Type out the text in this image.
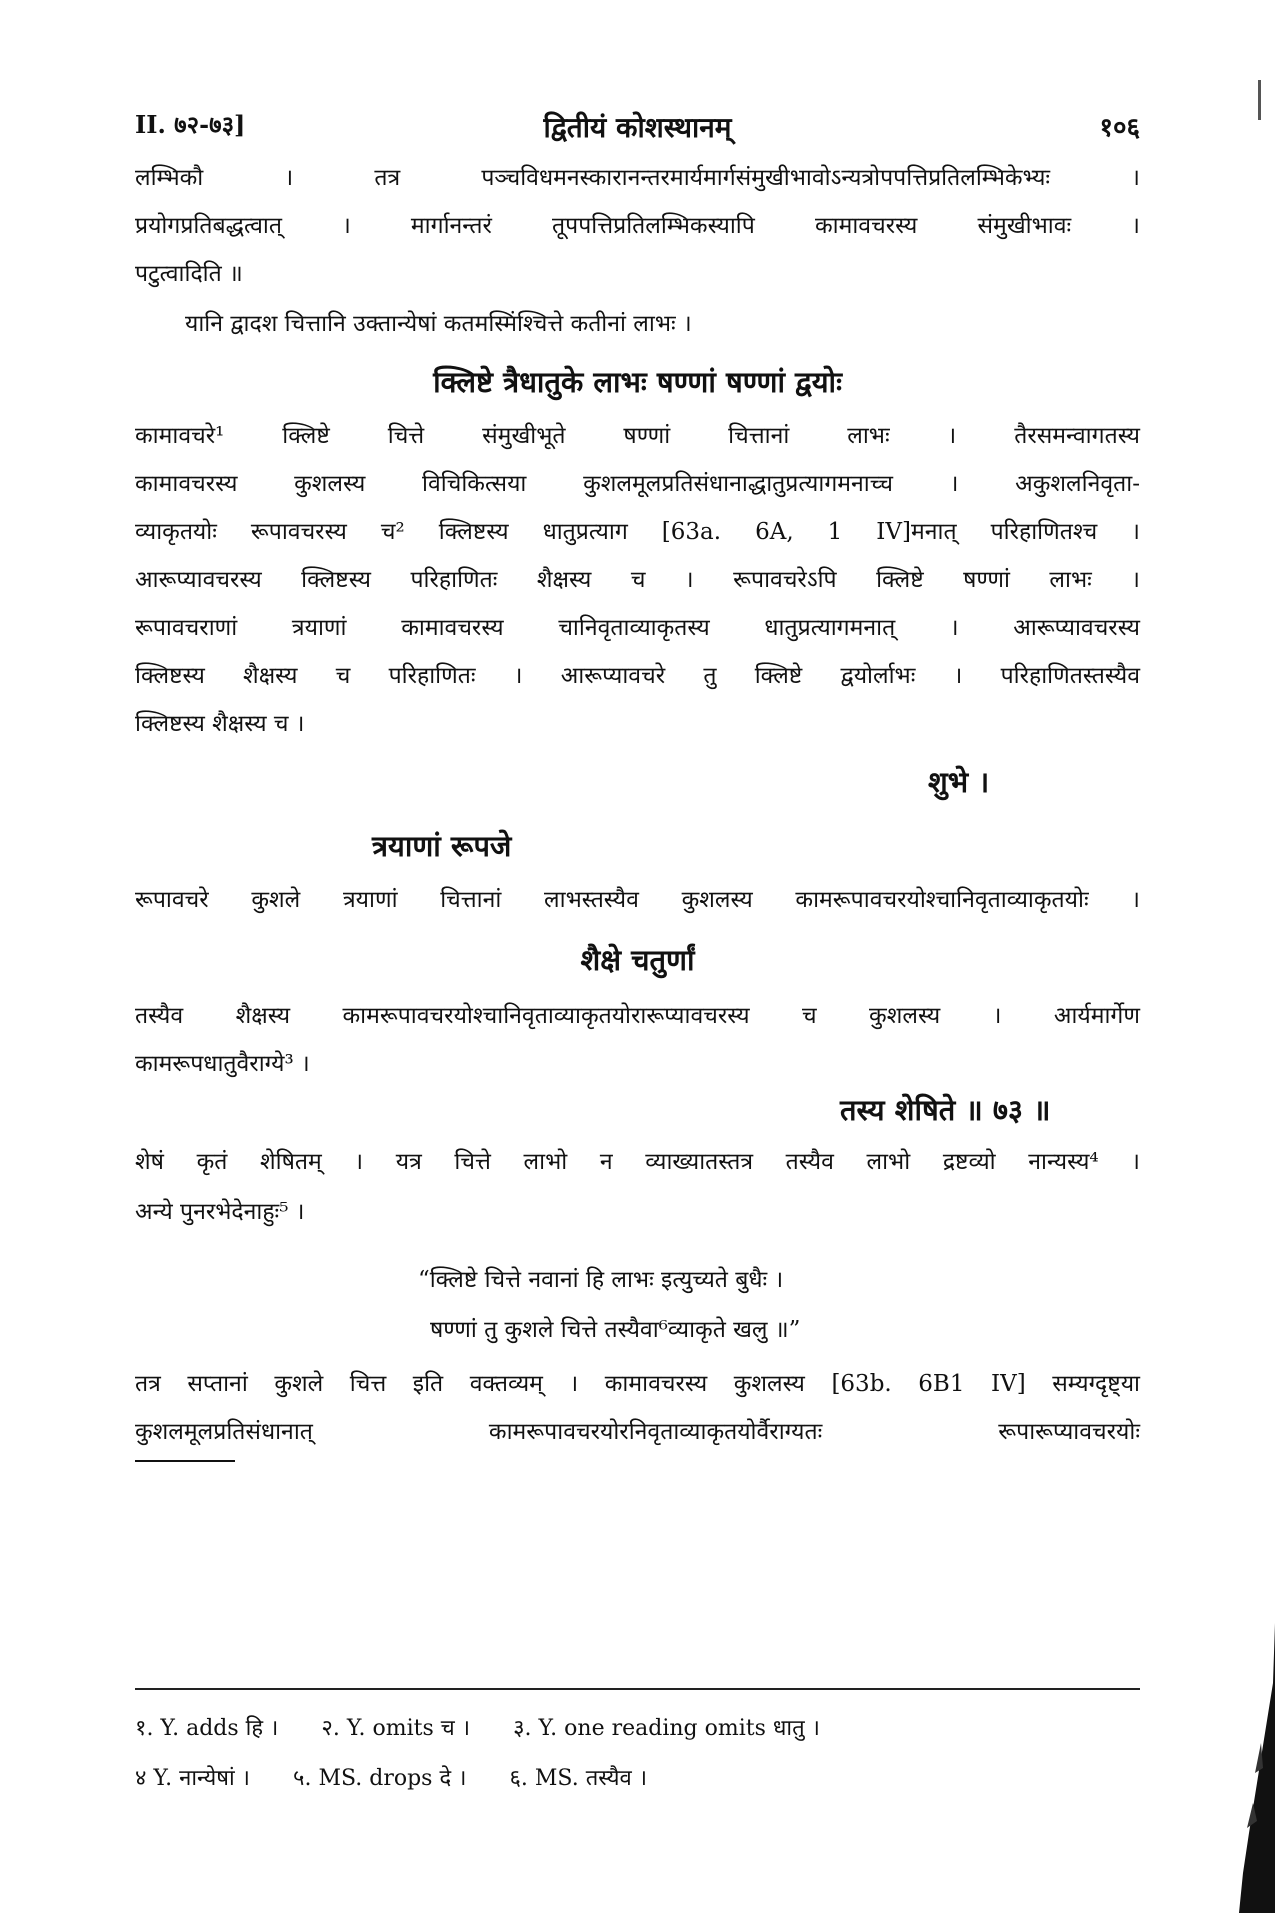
II. ७२-७३]	द्वितीयं कोशस्थानम्	१०६
लम्भिकौ । तत्र पञ्चविधमनस्कारानन्तरमार्यमार्गसंमुखीभावोऽन्यत्रोपपत्तिप्रतिलम्भिकेभ्यः ।
प्रयोगप्रतिबद्धत्वात् । मार्गानन्तरं तूपपत्तिप्रतिलम्भिकस्यापि कामावचरस्य संमुखीभावः ।
पटुत्वादिति ॥
यानि द्वादश चित्तानि उक्तान्येषां कतमस्मिंश्चित्ते कतीनां लाभः ।
क्लिष्टे त्रैधातुके लाभः षण्णां षण्णां द्वयोः
कामावचरे¹ क्लिष्टे चित्ते संमुखीभूते षण्णां चित्तानां लाभः । तैरसमन्वागतस्य
कामावचरस्य कुशलस्य विचिकित्सया कुशलमूलप्रतिसंधानाद्धातुप्रत्यागमनाच्च । अकुशलनिवृता-
व्याकृतयोः रूपावचरस्य च² क्लिष्टस्य धातुप्रत्याग [63a. 6A, 1 IV]मनात् परिहाणितश्च ।
आरूप्यावचरस्य क्लिष्टस्य परिहाणितः शैक्षस्य च । रूपावचरेऽपि क्लिष्टे षण्णां लाभः ।
रूपावचराणां त्रयाणां कामावचरस्य चानिवृताव्याकृतस्य धातुप्रत्यागमनात् । आरूप्यावचरस्य
क्लिष्टस्य शैक्षस्य च परिहाणितः । आरूप्यावचरे तु क्लिष्टे द्वयोर्लाभः । परिहाणितस्तस्यैव
क्लिष्टस्य शैक्षस्य च ।
शुभे ।
त्रयाणां रूपजे
रूपावचरे कुशले त्रयाणां चित्तानां लाभस्तस्यैव कुशलस्य कामरूपावचरयोश्चानिवृताव्याकृतयोः ।
शैक्षे चतुर्णां
तस्यैव शैक्षस्य कामरूपावचरयोश्चानिवृताव्याकृतयोरारूप्यावचरस्य च कुशलस्य । आर्यमार्गेण
कामरूपधातुवैराग्ये³ ।
तस्य शेषिते ॥ ७३ ॥
शेषं कृतं शेषितम् । यत्र चित्ते लाभो न व्याख्यातस्तत्र तस्यैव लाभो द्रष्टव्यो नान्यस्य⁴ ।
अन्ये पुनरभेदेनाहुः⁵ ।
“क्लिष्टे चित्ते नवानां हि लाभः इत्युच्यते बुधैः ।
षण्णां तु कुशले चित्ते तस्यैवा⁶व्याकृते खलु ॥”
तत्र सप्तानां कुशले चित्त इति वक्तव्यम् । कामावचरस्य कुशलस्य [63b. 6B1 IV] सम्यग्दृष्ट्या
कुशलमूलप्रतिसंधानात् कामरूपावचरयोरनिवृताव्याकृतयोर्वैराग्यतः रूपारूप्यावचरयोः
१. Y. adds हि । २. Y. omits च । ३. Y. one reading omits धातु ।
४ Y. नान्येषां । ५. MS. drops दे । ६. MS. तस्यैव ।
